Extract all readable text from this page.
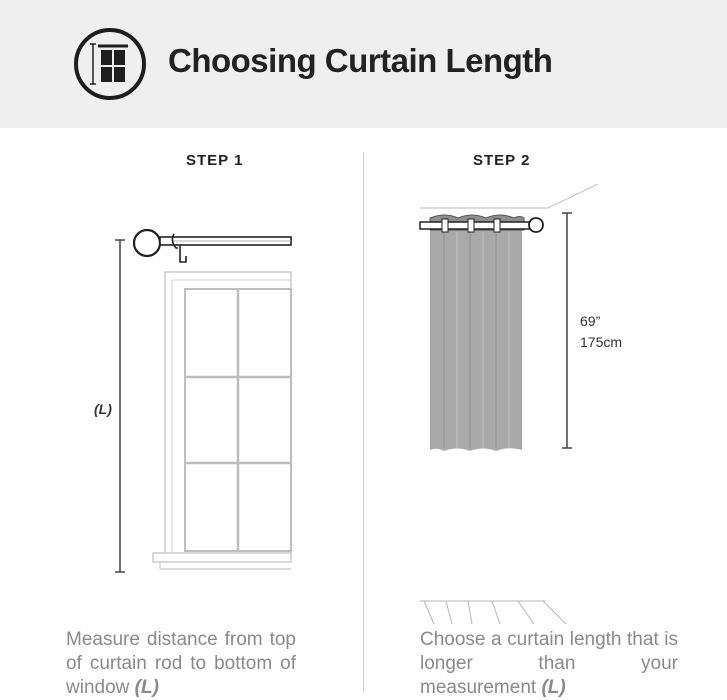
Choosing Curtain Length
STEP 1	STEP 2
(L)
69”
175cm
Measure distance from top of curtain rod to bottom of window (L)
Choose a curtain length that is longer than your measurement (L)
